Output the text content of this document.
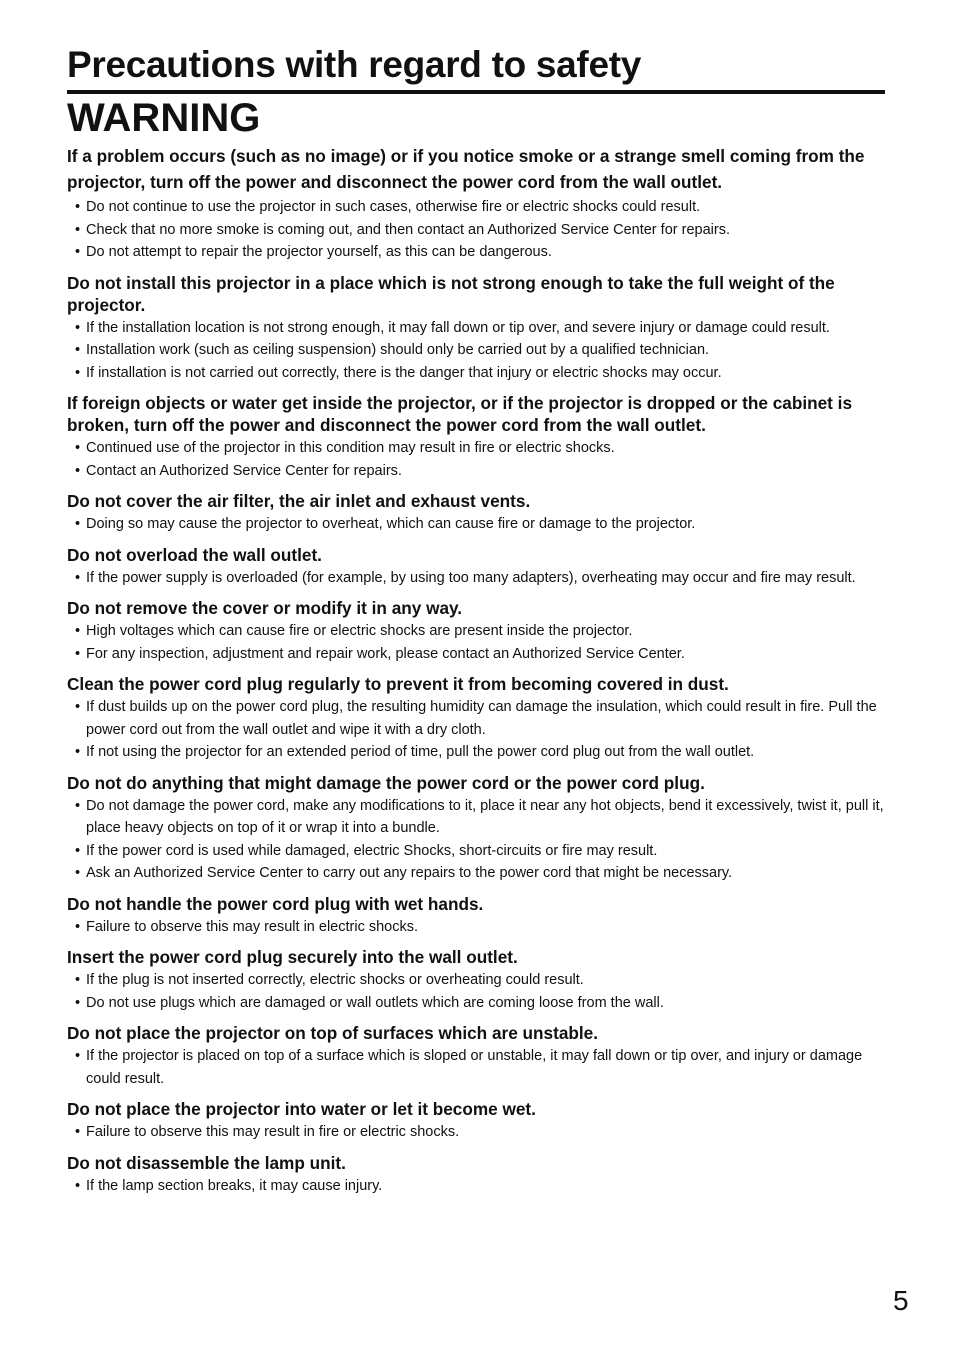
Precautions with regard to safety
WARNING
If a problem occurs (such as no image) or if you notice smoke or a strange smell coming from the projector, turn off the power and disconnect the power cord from the wall outlet.
• Do not continue to use the projector in such cases, otherwise fire or electric shocks could result.
• Check that no more smoke is coming out, and then contact an Authorized Service Center for repairs.
• Do not attempt to repair the projector yourself, as this can be dangerous.
Do not install this projector in a place which is not strong enough to take the full weight of the projector.
• If the installation location is not strong enough, it may fall down or tip over, and severe injury or damage could result.
• Installation work (such as ceiling suspension) should only be carried out by a qualified technician.
• If installation is not carried out correctly, there is the danger that injury or electric shocks may occur.
If foreign objects or water get inside the projector, or if the projector is dropped or the cabinet is broken, turn off the power and disconnect the power cord from the wall outlet.
• Continued use of the projector in this condition may result in fire or electric shocks.
• Contact an Authorized Service Center for repairs.
Do not cover the air filter, the air inlet and exhaust vents.
• Doing so may cause the projector to overheat, which can cause fire or damage to the projector.
Do not overload the wall outlet.
• If the power supply is overloaded (for example, by using too many adapters), overheating may occur and fire may result.
Do not remove the cover or modify it in any way.
• High voltages which can cause fire or electric shocks are present inside the projector.
• For any inspection, adjustment and repair work, please contact an Authorized Service Center.
Clean the power cord plug regularly to prevent it from becoming covered in dust.
• If dust builds up on the power cord plug, the resulting humidity can damage the insulation, which could result in fire. Pull the power cord out from the wall outlet and wipe it with a dry cloth.
• If not using the projector for an extended period of time, pull the power cord plug out from the wall outlet.
Do not do anything that might damage the power cord or the power cord plug.
• Do not damage the power cord, make any modifications to it, place it near any hot objects, bend it excessively, twist it, pull it, place heavy objects on top of it or wrap it into a bundle.
• If the power cord is used while damaged, electric Shocks, short-circuits or fire may result.
• Ask an Authorized Service Center to carry out any repairs to the power cord that might be necessary.
Do not handle the power cord plug with wet hands.
• Failure to observe this may result in electric shocks.
Insert the power cord plug securely into the wall outlet.
• If the plug is not inserted correctly, electric shocks or overheating could result.
• Do not use plugs which are damaged or wall outlets which are coming loose from the wall.
Do not place the projector on top of surfaces which are unstable.
• If the projector is placed on top of a surface which is sloped or unstable, it may fall down or tip over, and injury or damage could result.
Do not place the projector into water or let it become wet.
• Failure to observe this may result in fire or electric shocks.
Do not disassemble the lamp unit.
• If the lamp section breaks, it may cause injury.
5
